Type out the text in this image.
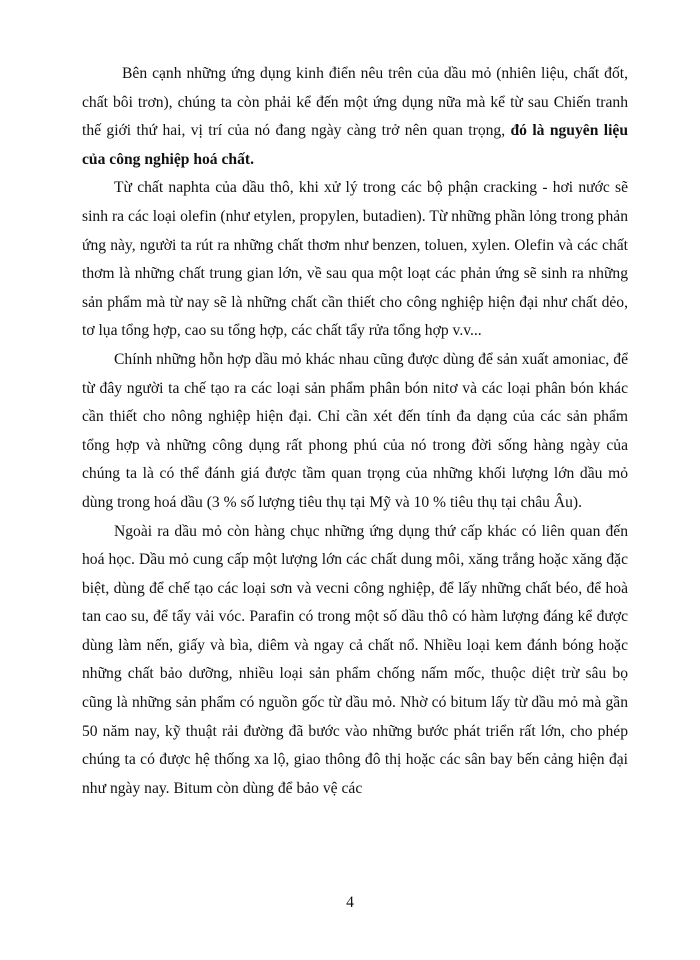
Bên cạnh những ứng dụng kinh điển nêu trên của dầu mỏ (nhiên liệu, chất đốt, chất bôi trơn), chúng ta còn phải kể đến một ứng dụng nữa mà kể từ sau Chiến tranh thế giới thứ hai, vị trí của nó đang ngày càng trở nên quan trọng, đó là nguyên liệu của công nghiệp hoá chất.

Từ chất naphta của dầu thô, khi xử lý trong các bộ phận cracking - hơi nước sẽ sinh ra các loại olefin (như etylen, propylen, butadien). Từ những phần lỏng trong phản ứng này, người ta rút ra những chất thơm như benzen, toluen, xylen. Olefin và các chất thơm là những chất trung gian lớn, về sau qua một loạt các phản ứng sẽ sinh ra những sản phẩm mà từ nay sẽ là những chất cần thiết cho công nghiệp hiện đại như chất dẻo, tơ lụa tổng hợp, cao su tổng hợp, các chất tẩy rửa tổng hợp v.v...

Chính những hỗn hợp dầu mỏ khác nhau cũng được dùng để sản xuất amoniac, để từ đây người ta chế tạo ra các loại sản phẩm phân bón nitơ và các loại phân bón khác cần thiết cho nông nghiệp hiện đại. Chỉ cần xét đến tính đa dạng của các sản phẩm tổng hợp và những công dụng rất phong phú của nó trong đời sống hàng ngày của chúng ta là có thể đánh giá được tầm quan trọng của những khối lượng lớn dầu mỏ dùng trong hoá dầu (3 % số lượng tiêu thụ tại Mỹ và 10 % tiêu thụ tại châu Âu).

Ngoài ra dầu mỏ còn hàng chục những ứng dụng thứ cấp khác có liên quan đến hoá học. Dầu mỏ cung cấp một lượng lớn các chất dung môi, xăng trắng hoặc xăng đặc biệt, dùng để chế tạo các loại sơn và vecni công nghiệp, để lấy những chất béo, để hoà tan cao su, để tẩy vải vóc. Parafin có trong một số dầu thô có hàm lượng đáng kể được dùng làm nến, giấy và bìa, diêm và ngay cả chất nổ. Nhiều loại kem đánh bóng hoặc những chất bảo dưỡng, nhiều loại sản phẩm chống nấm mốc, thuộc diệt trừ sâu bọ cũng là những sản phẩm có nguồn gốc từ dầu mỏ. Nhờ có bitum lấy từ dầu mỏ mà gần 50 năm nay, kỹ thuật rải đường đã bước vào những bước phát triển rất lớn, cho phép chúng ta có được hệ thống xa lộ, giao thông đô thị hoặc các sân bay bến cảng hiện đại như ngày nay. Bitum còn dùng để bảo vệ các

4
